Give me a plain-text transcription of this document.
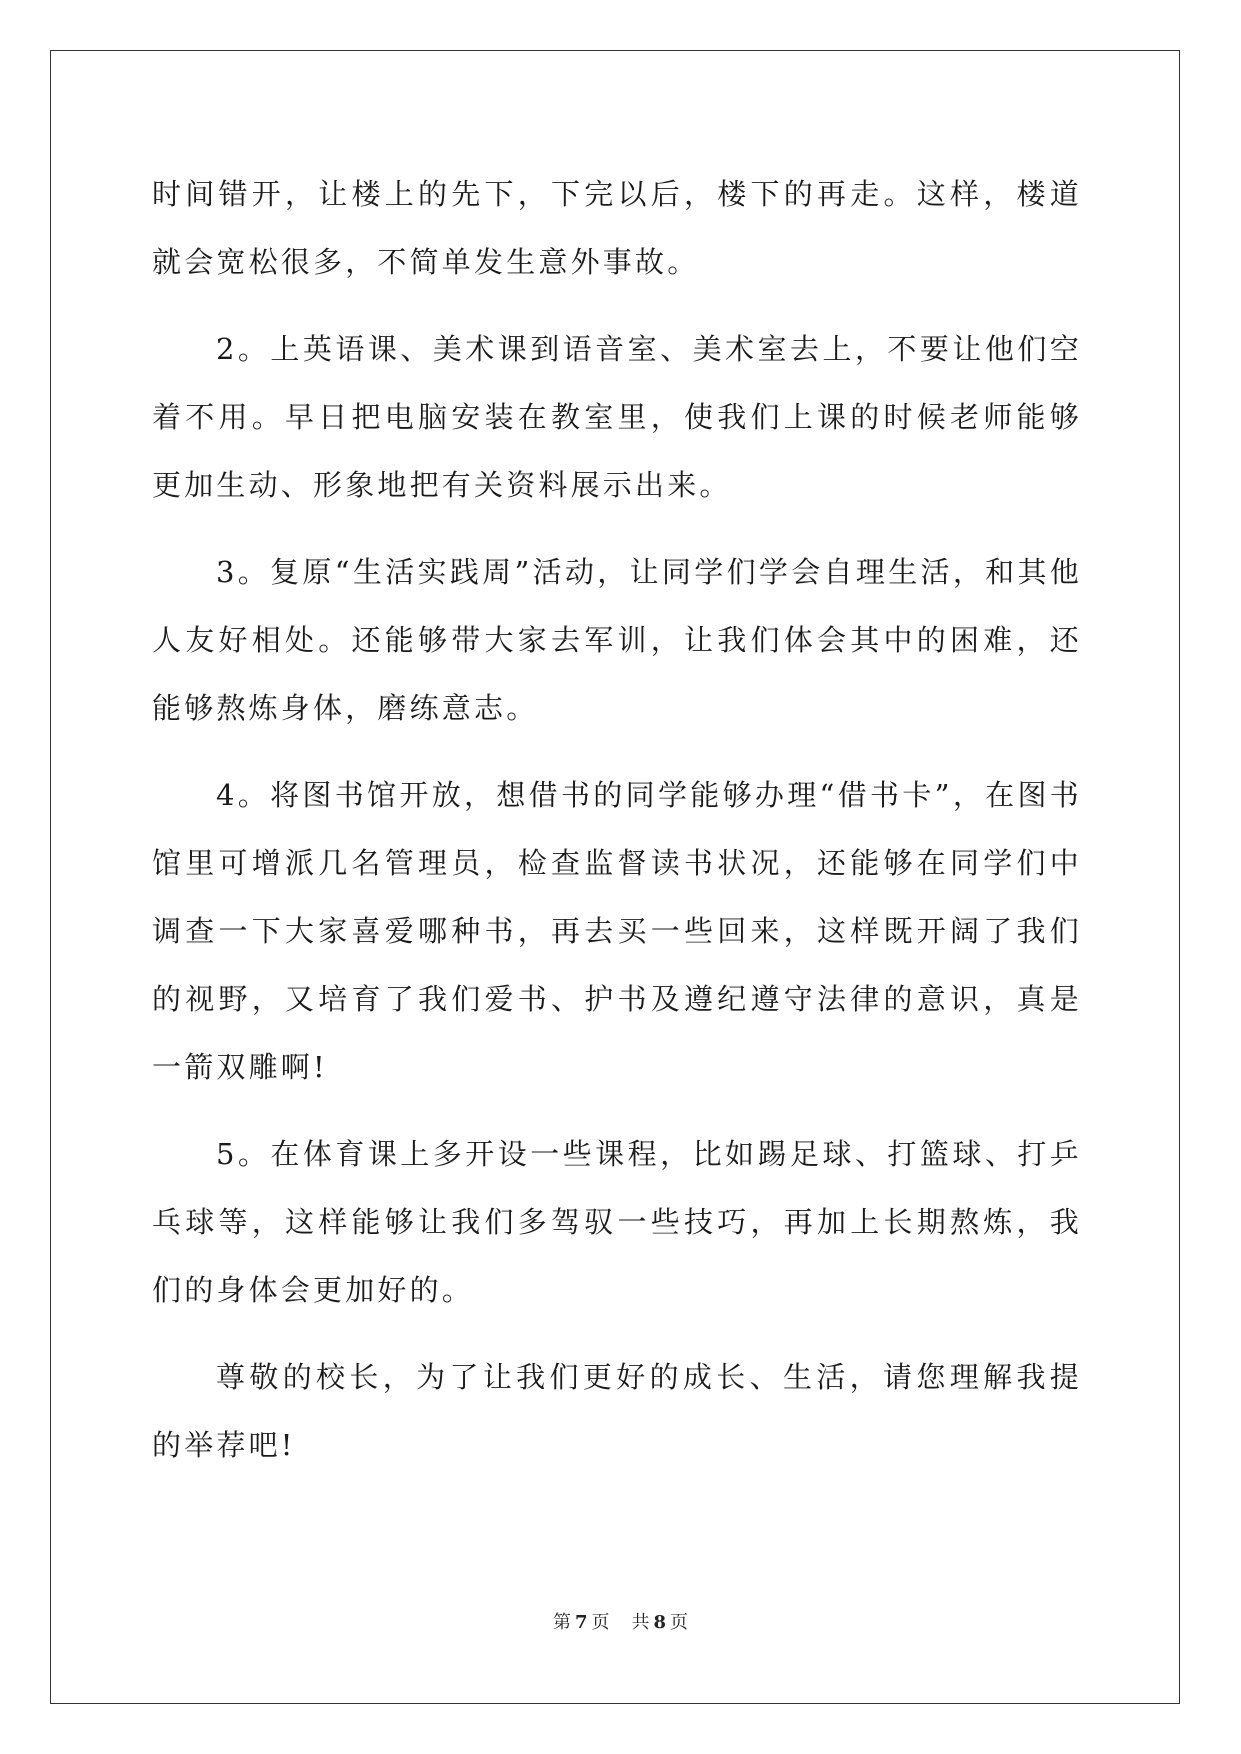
时间错开，让楼上的先下，下完以后，楼下的再走。这样，楼道就会宽松很多，不简单发生意外事故。

2。上英语课、美术课到语音室、美术室去上，不要让他们空着不用。早日把电脑安装在教室里，使我们上课的时候老师能够更加生动、形象地把有关资料展示出来。

3。复原“生活实践周”活动，让同学们学会自理生活，和其他人友好相处。还能够带大家去军训，让我们体会其中的困难，还能够熬炼身体，磨练意志。

4。将图书馆开放，想借书的同学能够办理“借书卡”，在图书馆里可增派几名管理员，检查监督读书状况，还能够在同学们中调查一下大家喜爱哪种书，再去买一些回来，这样既开阔了我们的视野，又培育了我们爱书、护书及遵纪遵守法律的意识，真是一箭双雕啊!

5。在体育课上多开设一些课程，比如踢足球、打篮球、打乒乓球等，这样能够让我们多驾驭一些技巧，再加上长期熬炼，我们的身体会更加好的。

尊敬的校长，为了让我们更好的成长、生活，请您理解我提的举荐吧!

第 7 页 共 8 页
